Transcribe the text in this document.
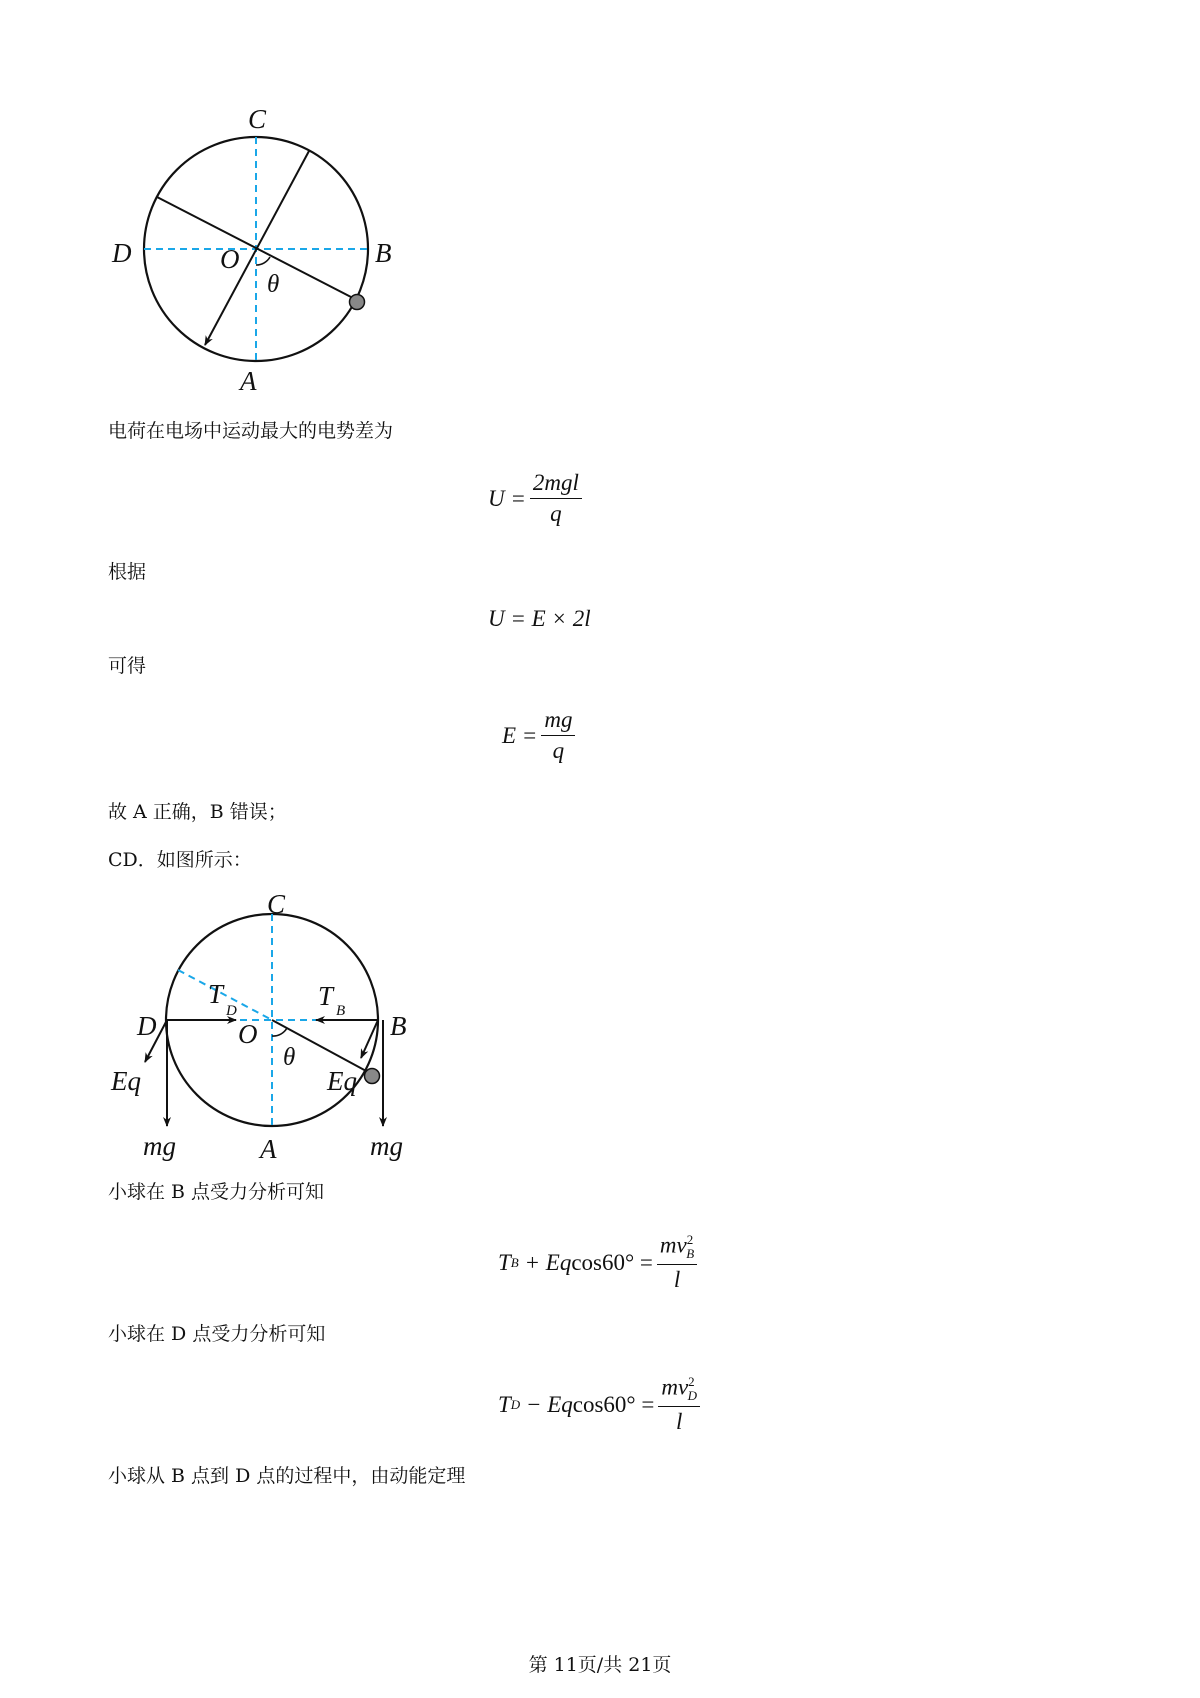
C
D	B
A
O
θ
C
D	B
A
O
θ
T
D	T B
Eq	Eq
mg	mg
电荷在电场中运动最大的电势差为
$U = \frac{\text{2mgl}}{q}$
根据
U = E × 2l
可得
$E = \frac{mg}{q}$
故 A 正确，B 错误；
CD．如图所示：
小球在 B 点受力分析可知
T B + Eq $\cos 60^\circ = \frac{mv^2_B}{l}$
小球在 D 点受力分析可知
T D − Eq $\cos 60^\circ = \frac{mv^2_D}{l}$
小球从 B 点到 D 点的过程中，由动能定理
第 11页/共 21页
